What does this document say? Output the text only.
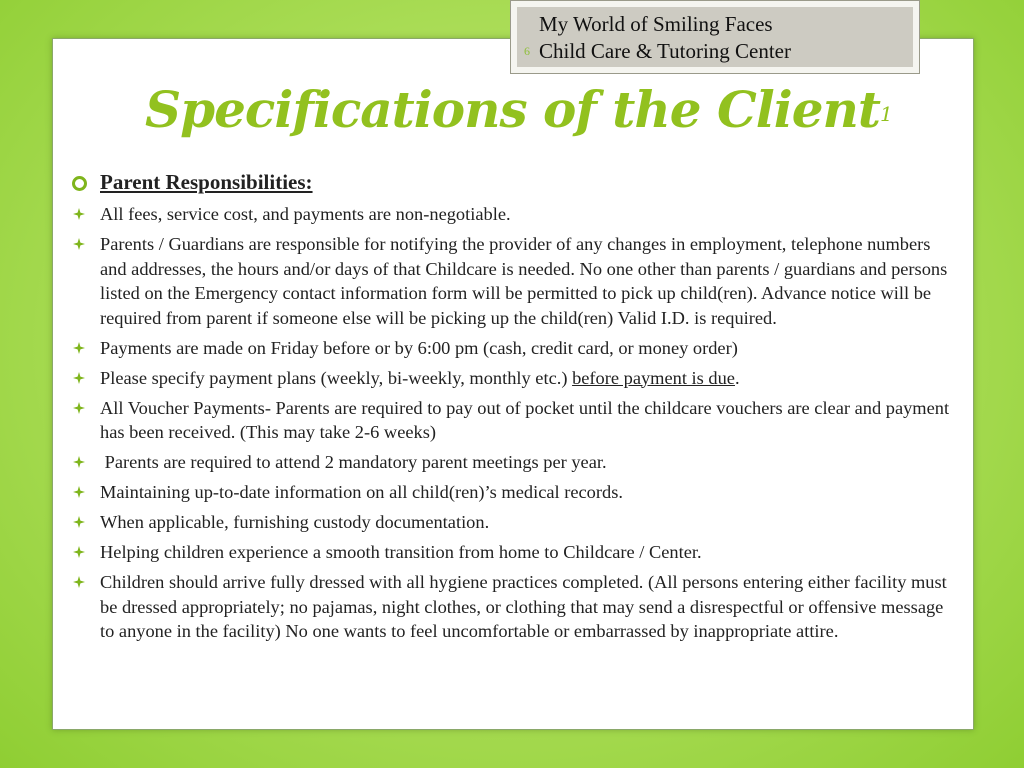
My World of Smiling Faces
Child Care & Tutoring Center
6
Specifications of the Client1
Parent Responsibilities:
All fees, service cost, and payments are non-negotiable.
Parents / Guardians are responsible for notifying the provider of any changes in employment, telephone numbers and addresses, the hours and/or days of that Childcare is needed. No one other than parents / guardians and persons listed on the Emergency contact information form will be permitted to pick up child(ren). Advance notice will be required from parent if someone else will be picking up the child(ren) Valid I.D. is required.
Payments are made on Friday before or by 6:00 pm (cash, credit card, or money order)
Please specify payment plans (weekly, bi-weekly, monthly etc.) before payment is due.
All Voucher Payments- Parents are required to pay out of pocket until the childcare vouchers are clear and payment has been received. (This may take 2-6 weeks)
Parents are required to attend 2 mandatory parent meetings per year.
Maintaining up-to-date information on all child(ren)’s medical records.
When applicable, furnishing custody documentation.
Helping children experience a smooth transition from home to Childcare / Center.
Children should arrive fully dressed with all hygiene practices completed. (All persons entering either facility must be dressed appropriately; no pajamas, night clothes, or clothing that may send a disrespectful or offensive message to anyone in the facility) No one wants to feel uncomfortable or embarrassed by inappropriate attire.
